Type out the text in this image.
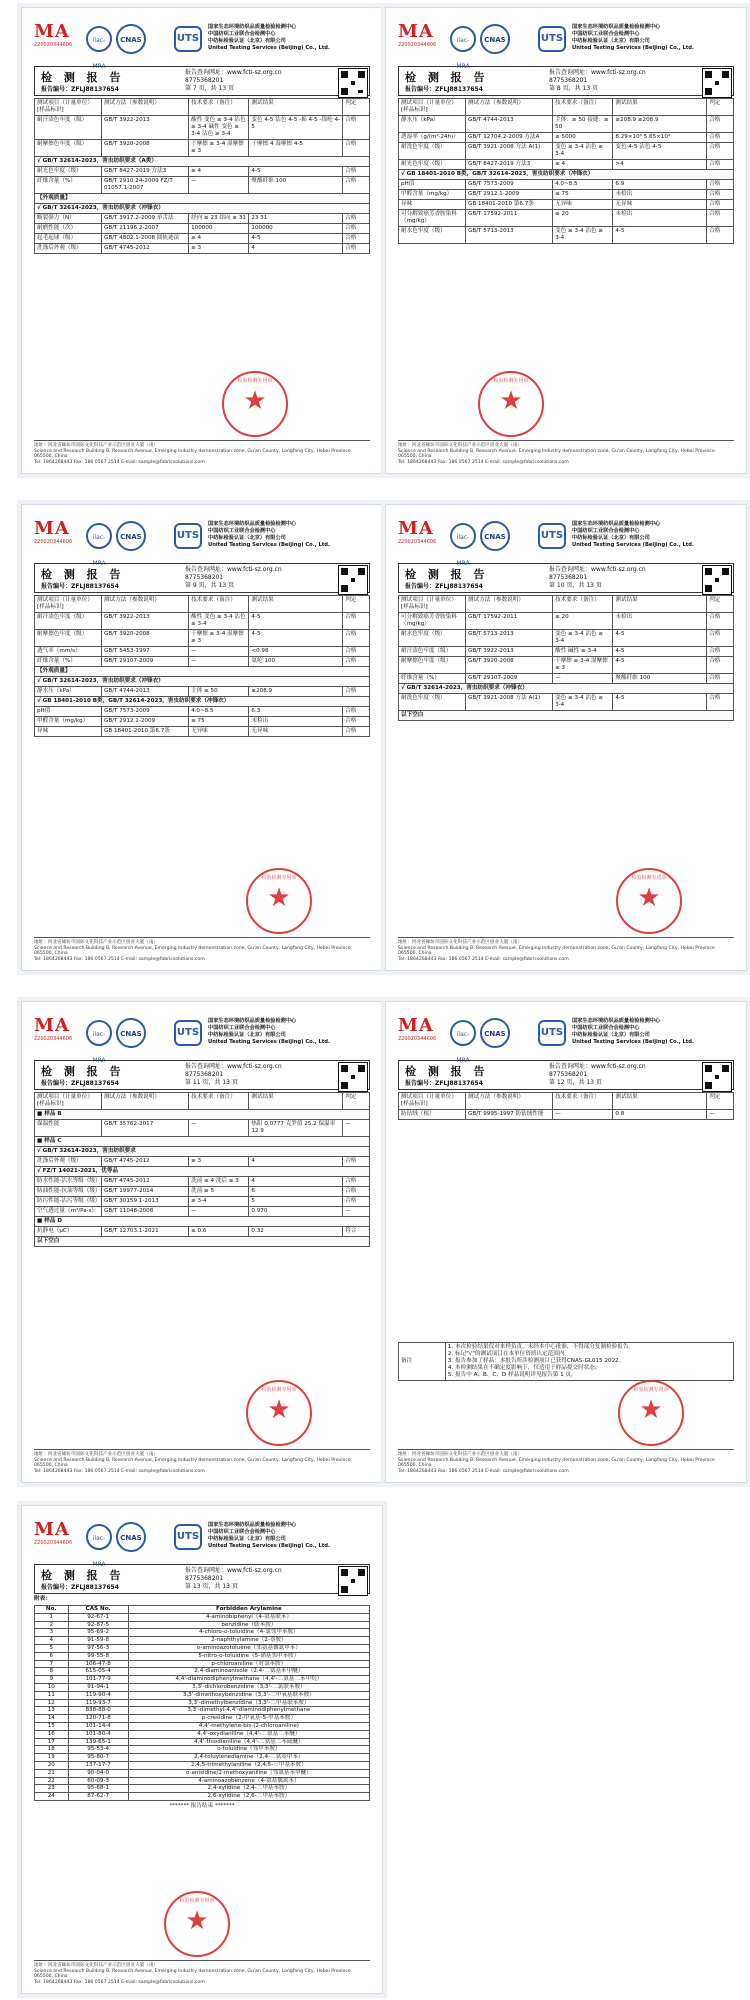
MA
220020344606
ilac-MRA
CNAS	UTS
国家生态环境纺织品质量检验检测中心
中国纺织工业联合会检测中心
中纺标检验认证（北京）有限公司
United Testing Services (Beijing) Co., Ltd.
检 测 报 告
报告编号：ZFLJ88137654
报告查询网址：www.fcti-sz.org.cn
8775368201
第 7 页，共 13 页
测试项目（计量单位）[样品标识]	测试方法（参数说明）	技术要求（备注）	测试结果	判定
耐汗渍色牢度（级）	GB/T 3922-2013	酸性 变色 ≥ 3-4 沾色 ≥ 3-4 碱性 变色 ≥ 3-4 沾色 ≥ 3-4	变色 4-5 沾色 4-5 -棉 4-5 -锦纶 4-5	合格
耐摩擦色牢度（级）	GB/T 3920-2008	干摩擦 ≥ 3-4 湿摩擦 ≥ 3	干摩擦 4 湿摩擦 4-5	合格
√ GB/T 32614-2023，害虫纺织要求（A类）				
耐光色牢度（级）	GB/T 8427-2019 方法3	≥ 4	4-5	合格
纤维含量（%）	GB/T 2910.24-2009 FZ/T 01057.1-2007	—	聚酯纤维 100	合格
【外观质量】				
√ GB/T 32614-2023，害虫纺织要求（冲锋衣）				
断裂强力（N）	GB/T 3917.2-2009 单舌法	经向 ≥ 23 纬向 ≥ 31	23 31	合格
耐磨性能（次）	GB/T 21196.2-2007	100000	100000	合格
起毛起球（级）	GB/T 4802.1-2008 圆轨迹法	≥ 4	4-5	合格
洗涤后外观（级）	GB/T 4745-2012	≥ 3	4	合格
检验检测专用章
★
地址：河北省廊坊市国际文化科技产业示范区创业大厦（南）
Science and Research Building B, Research Avenue, Emerging Industry demonstration zone, Gu'an County, Langfang City, Hebei Province 065500, China
Tel: 1864268443 Fax: 186 0567 2514 E-mail: sample@fabricsolutions.com
MA
220020344606
ilac-MRA
CNAS	UTS
国家生态环境纺织品质量检验检测中心
中国纺织工业联合会检测中心
中纺标检验认证（北京）有限公司
United Testing Services (Beijing) Co., Ltd.
检 测 报 告
报告编号：ZFLJ88137654
报告查询网址：www.fcti-sz.org.cn
8775368201
第 8 页，共 13 页
测试项目（计量单位）[样品标识]	测试方法（参数说明）	技术要求（备注）	测试结果	判定
静水压（kPa）	GB/T 4744-2013	主体：≥ 50 接缝：≥ 50	≥208.9 ≥208.9	合格
透湿率（g/(m²·24h)）	GB/T 12704.2-2009 方法A	≥ 5000	8.29×10³ 5.65×10³	合格
耐洗色牢度（级）	GB/T 3921-2008 方法 A(1)	变色 ≥ 3-4 沾色 ≥ 3-4	变色 4-5 沾色 4-5	合格
耐光色牢度（级）	GB/T 8427-2019 方法3	≥ 4	>4	合格
√ GB 18401-2010 B类，GB/T 32614-2023，害虫纺织要求（冲锋衣）				
pH值	GB/T 7573-2009	4.0~8.5	6.9	合格
甲醛含量（mg/kg）	GB/T 2912.1-2009	≤ 75	未检出	合格
异味	GB 18401-2010 第6.7条	无异味	无异味	合格
可分解致癌芳香胺染料（mg/kg）	GB/T 17592-2011	≤ 20	未检出	合格
耐水色牢度（级）	GB/T 5713-2013	变色 ≥ 3-4 沾色 ≥ 3-4	4-5	合格
检验检测专用章
★
地址：河北省廊坊市国际文化科技产业示范区创业大厦（南）
Science and Research Building B, Research Avenue, Emerging Industry demonstration zone, Gu'an County, Langfang City, Hebei Province 065500, China
Tel: 1864268443 Fax: 186 0567 2514 E-mail: sample@fabricsolutions.com
MA
220020344606
ilac-MRA
CNAS	UTS
国家生态环境纺织品质量检验检测中心
中国纺织工业联合会检测中心
中纺标检验认证（北京）有限公司
United Testing Services (Beijing) Co., Ltd.
检 测 报 告
报告编号：ZFLJ88137654
报告查询网址：www.fcti-sz.org.cn
8775368201
第 9 页，共 13 页
测试项目（计量单位）[样品标识]	测试方法（参数说明）	技术要求（备注）	测试结果	判定
耐汗渍色牢度（级）	GB/T 3922-2013	酸性 变色 ≥ 3-4 沾色 ≥ 3-4	4-5	合格
耐摩擦色牢度（级）	GB/T 3920-2008	干摩擦 ≥ 3-4 湿摩擦 ≥ 3	4-5	合格
透气率（mm/s）	GB/T 5453-1997	—	<0.98	合格
纤维含量（%）	GB/T 29107-2009	—	氨纶 100	合格
【外观质量】				
√ GB/T 32614-2023，害虫纺织要求（冲锋衣）				
静水压（kPa）	GB/T 4744-2013	主体 ≥ 50	≥208.9	合格
√ GB 18401-2010 B类，GB/T 32614-2023，害虫纺织要求（冲锋衣）				
pH值	GB/T 7573-2009	4.0~8.5	6.3	合格
甲醛含量（mg/kg）	GB/T 2912.1-2009	≤ 75	未检出	合格
异味	GB 18401-2010 第6.7条	无异味	无异味	合格
检验检测专用章
★
地址：河北省廊坊市国际文化科技产业示范区创业大厦（南）
Science and Research Building B, Research Avenue, Emerging Industry demonstration zone, Gu'an County, Langfang City, Hebei Province 065500, China
Tel: 1864268443 Fax: 186 0567 2514 E-mail: sample@fabricsolutions.com
MA
220020344606
ilac-MRA
CNAS	UTS
国家生态环境纺织品质量检验检测中心
中国纺织工业联合会检测中心
中纺标检验认证（北京）有限公司
United Testing Services (Beijing) Co., Ltd.
检 测 报 告
报告编号：ZFLJ88137654
报告查询网址：www.fcti-sz.org.cn
8775368201
第 10 页，共 13 页
测试项目（计量单位）[样品标识]	测试方法（参数说明）	技术要求（备注）	测试结果	判定
可分解致癌芳香胺染料（mg/kg）	GB/T 17592-2011	≤ 20	未检出	合格
耐水色牢度（级）	GB/T 5713-2013	变色 ≥ 3-4 沾色 ≥ 3-4	4-5	合格
耐汗渍色牢度（级）	GB/T 3922-2013	酸性 碱性 ≥ 3-4	4-5	合格
耐摩擦色牢度（级）	GB/T 3920-2008	干摩擦 ≥ 3-4 湿摩擦 ≥ 3	4-5	合格
纤维含量（%）	GB/T 29107-2009	—	聚酯纤维 100	合格
√ GB/T 32614-2023，害虫纺织要求（冲锋衣）				
耐洗色牢度（级）	GB/T 3921-2008 方法 A(1)	变色 ≥ 3-4 沾色 ≥ 3-4	4-5	合格
以下空白				
检验检测专用章
★
地址：河北省廊坊市国际文化科技产业示范区创业大厦（南）
Science and Research Building B, Research Avenue, Emerging Industry demonstration zone, Gu'an County, Langfang City, Hebei Province 065500, China
Tel: 1864268443 Fax: 186 0567 2514 E-mail: sample@fabricsolutions.com
MA
220020344606
ilac-MRA
CNAS	UTS
国家生态环境纺织品质量检验检测中心
中国纺织工业联合会检测中心
中纺标检验认证（北京）有限公司
United Testing Services (Beijing) Co., Ltd.
检 测 报 告
报告编号：ZFLJ88137654
报告查询网址：www.fcti-sz.org.cn
8775368201
第 11 页，共 13 页
测试项目（计量单位）[样品标识]	测试方法（参数说明）	技术要求（备注）	测试结果	判定
■ 样品 B				
保温性能	GB/T 35762-2017	—	热阻 0.0777 克罗值 25.2 保温率 12.9	—
■ 样品 C				
√ GB/T 32614-2023，害虫纺织要求				
洗涤后外观（级）	GB/T 4745-2012	≥ 3	4	合格
√ FZ/T 14021-2021，优等品				
防水性能-沾水等级（级）	GB/T 4745-2012	洗前 ≥ 4 洗后 ≥ 3	4	合格
防油性能-抗油等级（级）	GB/T 19977-2014	洗前 ≥ 5	6	合格
防污性能-沾污等级（级）	GB/T 30159.1-2013	≥ 3-4	5	合格
空气透过量（m³/Pa·s）	GB/T 11048-2008	—	0.970	—
■ 样品 D				
抗静电（μC）	GB/T 12703.1-2021	≤ 0.6	0.32	符合
以下空白				
检验检测专用章
★
地址：河北省廊坊市国际文化科技产业示范区创业大厦（南）
Science and Research Building B, Research Avenue, Emerging Industry demonstration zone, Gu'an County, Langfang City, Hebei Province 065500, China
Tel: 1864268443 Fax: 186 0567 2514 E-mail: sample@fabricsolutions.com
MA
220020344606
ilac-MRA
CNAS	UTS
国家生态环境纺织品质量检验检测中心
中国纺织工业联合会检测中心
中纺标检验认证（北京）有限公司
United Testing Services (Beijing) Co., Ltd.
检 测 报 告
报告编号：ZFLJ88137654
报告查询网址：www.fcti-sz.org.cn
8775368201
第 12 页，共 13 页
测试项目（计量单位）[样品标识]	测试方法（参数说明）	技术要求（备注）	测试结果	判定
防钻绒（根）	GB/T 9995-1997 防钻绒性能	—	0.8	—
备注	
1. 本次检验结果仅对来样负责，未经本中心批准，不得部分复制检验报告。
2. 标记"√"的测试项目在本单位资质认定范围内。
3. 报告参加了样品：本报告所涉检测项目已获得CNAS-GL015 2022。
4. 本检测结果在不确定度影响下，仅适用于样品提交时状态。
5. 报告中 A、B、C、D 样品说明详见报告第 1 页。
检验检测专用章
★
地址：河北省廊坊市国际文化科技产业示范区创业大厦（南）
Science and Research Building B, Research Avenue, Emerging Industry demonstration zone, Gu'an County, Langfang City, Hebei Province 065500, China
Tel: 1864268443 Fax: 186 0567 2514 E-mail: sample@fabricsolutions.com
MA
220020344606
ilac-MRA
CNAS	UTS
国家生态环境纺织品质量检验检测中心
中国纺织工业联合会检测中心
中纺标检验认证（北京）有限公司
United Testing Services (Beijing) Co., Ltd.
检 测 报 告
报告编号：ZFLJ88137654
报告查询网址：www.fcti-sz.org.cn
8775368201
第 13 页，共 13 页
附表：
No.	CAS No.	Forbidden Arylamine
1	92-67-1	4-aminobiphenyl（4-氨基联苯）
2	92-87-5	benzidine（联苯胺）
3	95-69-2	4-chloro-o-toluidine（4-氯邻甲苯胺）
4	91-59-8	2-naphthylamine（2-萘胺）
5	97-56-3	o-aminoazotoluene（邻氨基偶氮甲苯）
6	99-55-8	5-nitro-o-toluidine（5-硝基邻甲苯胺）
7	106-47-8	p-chloroaniline（对氯苯胺）
8	615-05-4	2,4-diaminoanisole（2,4-二氨基苯甲醚）
9	101-77-9	4,4'-diaminodiphenylmethane（4,4'-二氨基二苯甲烷）
10	91-94-1	3,3'-dichlorobenzidine（3,3'-二氯联苯胺）
11	119-90-4	3,3'-dimethoxybenzidine（3,3'-二甲氧基联苯胺）
12	119-93-7	3,3'-dimethylbenzidine（3,3'-二甲基联苯胺）
13	838-88-0	3,3'-dimethyl-4,4'-diaminodiphenylmethane
14	120-71-8	p-cresidine（2-甲氧基-5-甲基苯胺）
15	101-14-4	4,4'-methylene-bis-(2-chloroaniline)
16	101-80-4	4,4'-oxydianiline（4,4'-二氨基二苯醚）
17	139-65-1	4,4'-thiodianiline（4,4'-二氨基二苯硫醚）
18	95-53-4	o-toluidine（邻甲苯胺）
19	95-80-7	2,4-toluylenediamine（2,4-二氨基甲苯）
20	137-17-7	2,4,5-trimethylaniline（2,4,5-三甲基苯胺）
21	90-04-0	o-anisidine/2-methoxyaniline（邻氨基苯甲醚）
22	60-09-3	4-aminoazobenzene（4-氨基偶氮苯）
23	95-68-1	2,4-xylidine（2,4-二甲基苯胺）
24	87-62-7	2,6-xylidine（2,6-二甲基苯胺）
******* 报告结束 *******
检验检测专用章
★
地址：河北省廊坊市国际文化科技产业示范区创业大厦（南）
Science and Research Building B, Research Avenue, Emerging Industry demonstration zone, Gu'an County, Langfang City, Hebei Province 065500, China
Tel: 1864268443 Fax: 186 0567 2514 E-mail: sample@fabricsolutions.com
